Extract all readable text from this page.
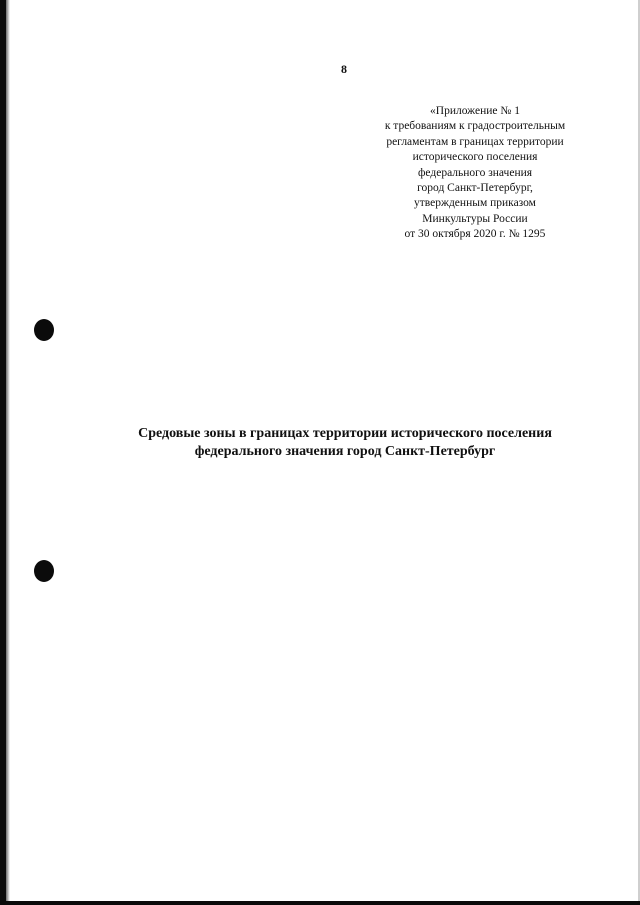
8
«Приложение № 1
к требованиям к градостроительным
регламентам в границах территории
исторического поселения
федерального значения
город Санкт-Петербург,
утвержденным приказом
Минкультуры России
от 30 октября 2020 г. № 1295
Средовые зоны в границах территории исторического поселения
федерального значения город Санкт-Петербург
